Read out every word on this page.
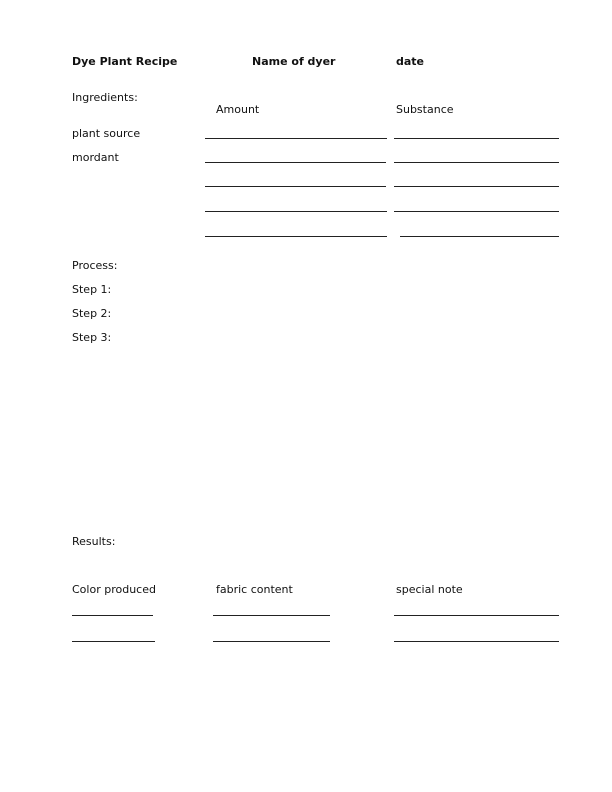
Dye Plant Recipe	Name of dyer	date
Ingredients:
Amount	Substance
plant source
mordant
Process:
Step 1:
Step 2:
Step 3:
Results:
Color produced	fabric content	special note
